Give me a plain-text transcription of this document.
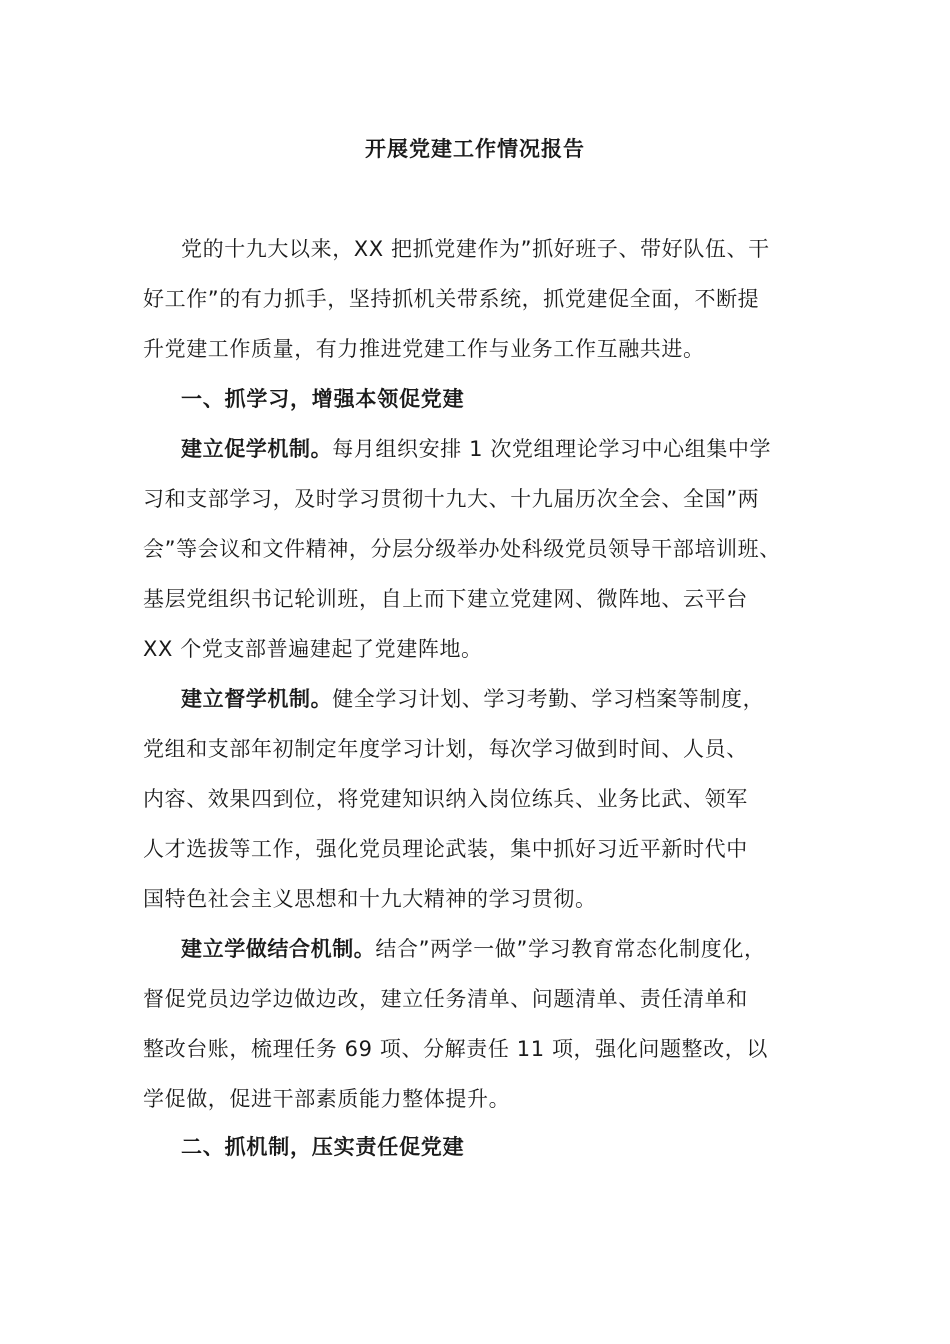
开展党建工作情况报告
党的十九大以来，XX 把抓党建作为”抓好班子、带好队伍、干
好工作”的有力抓手，坚持抓机关带系统，抓党建促全面，不断提
升党建工作质量，有力推进党建工作与业务工作互融共进。
一、抓学习，增强本领促党建
建立促学机制。每月组织安排 1 次党组理论学习中心组集中学
习和支部学习，及时学习贯彻十九大、十九届历次全会、全国”两
会”等会议和文件精神，分层分级举办处科级党员领导干部培训班、
基层党组织书记轮训班，自上而下建立党建网、微阵地、云平台
XX 个党支部普遍建起了党建阵地。
建立督学机制。健全学习计划、学习考勤、学习档案等制度，
党组和支部年初制定年度学习计划，每次学习做到时间、人员、
内容、效果四到位，将党建知识纳入岗位练兵、业务比武、领军
人才选拔等工作，强化党员理论武装，集中抓好习近平新时代中
国特色社会主义思想和十九大精神的学习贯彻。
建立学做结合机制。结合”两学一做”学习教育常态化制度化，
督促党员边学边做边改，建立任务清单、问题清单、责任清单和
整改台账，梳理任务 69 项、分解责任 11 项，强化问题整改，以
学促做，促进干部素质能力整体提升。
二、抓机制，压实责任促党建
